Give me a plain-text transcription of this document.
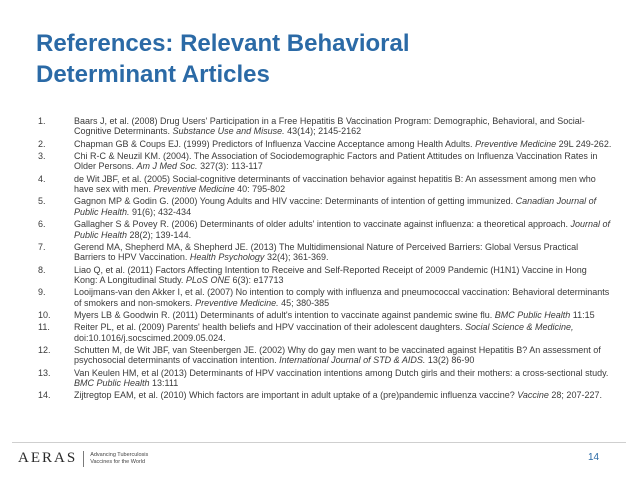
References: Relevant Behavioral
Determinant Articles
1.	Baars J, et al. (2008) Drug Users' Participation in a Free Hepatitis B Vaccination Program: Demographic, Behavioral, and Social-Cognitive Determinants. Substance Use and Misuse. 43(14); 2145-2162
2.	Chapman GB & Coups EJ. (1999) Predictors of Influenza Vaccine Acceptance among Health Adults. Preventive Medicine 29L 249-262.
3.	Chi R-C & Neuzil KM. (2004). The Association of Sociodemographic Factors and Patient Attitudes on Influenza Vaccination Rates in Older Persons. Am J Med Soc. 327(3): 113-117
4.	de Wit JBF, et al. (2005) Social-cognitive determinants of vaccination behavior against hepatitis B: An assessment among men who have sex with men. Preventive Medicine 40: 795-802
5.	Gagnon MP & Godin G. (2000) Young Adults and HIV vaccine: Determinants of intention of getting immunized. Canadian Journal of Public Health. 91(6); 432-434
6.	Gallagher S & Povey R. (2006) Determinants of older adults' intention to vaccinate against influenza: a theoretical approach. Journal of Public Health 28(2); 139-144.
7.	Gerend MA, Shepherd MA, & Shepherd JE. (2013) The Multidimensional Nature of Perceived Barriers: Global Versus Practical Barriers to HPV Vaccination. Health Psychology 32(4); 361-369.
8.	Liao Q, et al. (2011) Factors Affecting Intention to Receive and Self-Reported Receipt of 2009 Pandemic (H1N1) Vaccine in Hong Kong: A Longitudinal Study. PLoS ONE 6(3): e17713
9.	Looijmans-van den Akker I, et al. (2007) No intention to comply with influenza and pneumococcal vaccination: Behavioral determinants of smokers and non-smokers. Preventive Medicine. 45; 380-385
10.	Myers LB & Goodwin R. (2011) Determinants of adult's intention to vaccinate against pandemic swine flu. BMC Public Health 11:15
11.	Reiter PL, et al. (2009) Parents' health beliefs and HPV vaccination of their adolescent daughters. Social Science & Medicine, doi:10.1016/j.socscimed.2009.05.024.
12.	Schutten M, de Wit JBF, van Steenbergen JE. (2002) Why do gay men want to be vaccinated against Hepatitis B? An assessment of psychosocial determinants of vaccination intention. International Journal of STD & AIDS. 13(2) 86-90
13.	Van Keulen HM, et al (2013) Determinants of HPV vaccination intentions among Dutch girls and their mothers: a cross-sectional study. BMC Public Health 13:111
14.	Zijtregtop EAM, et al. (2010) Which factors are important in adult uptake of a (pre)pandemic influenza vaccine? Vaccine 28; 207-227.
AERAS Advancing Tuberculosis
Vaccines for the World	14
